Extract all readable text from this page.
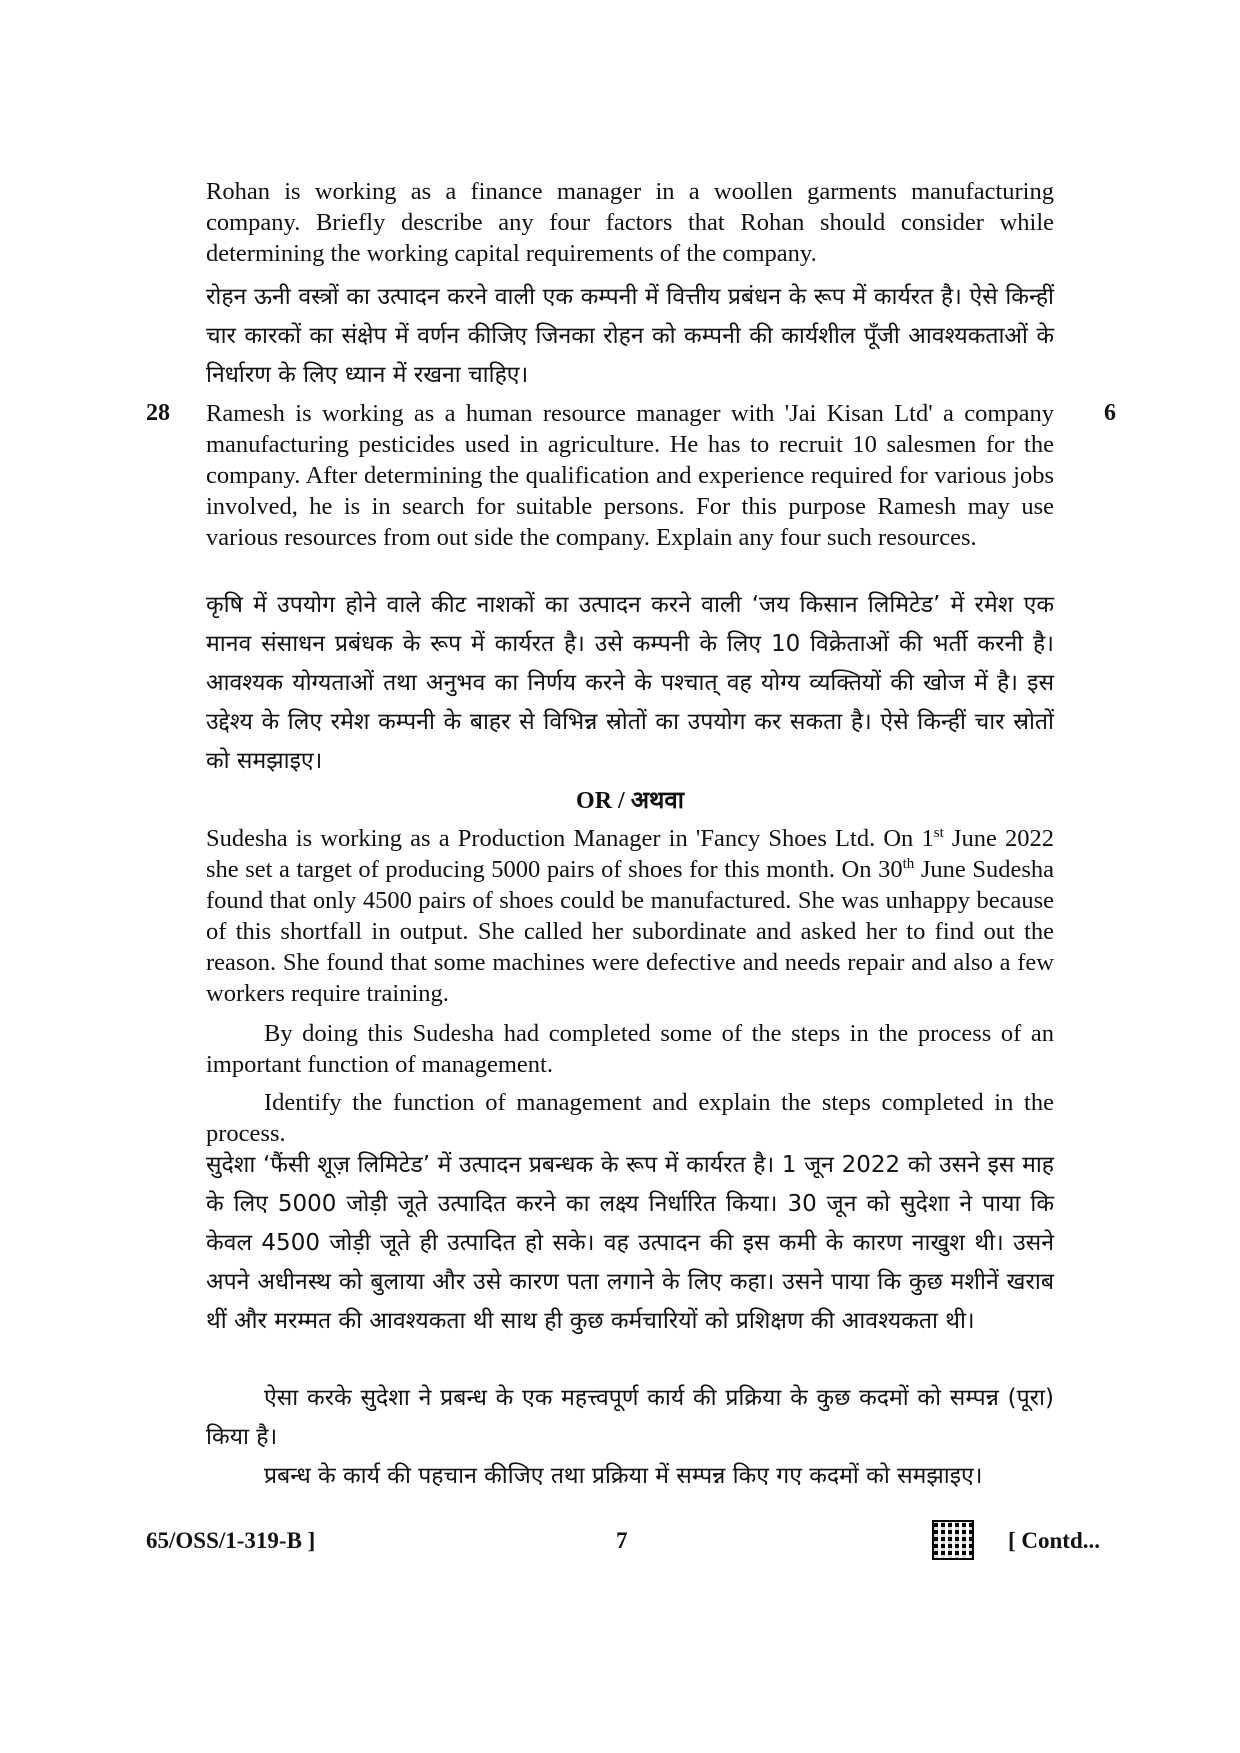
Rohan is working as a finance manager in a woollen garments manufacturing company. Briefly describe any four factors that Rohan should consider while determining the working capital requirements of the company.

रोहन ऊनी वस्त्रों का उत्पादन करने वाली एक कम्पनी में वित्तीय प्रबंधन के रूप में कार्यरत है। ऐसे किन्हीं चार कारकों का संक्षेप में वर्णन कीजिए जिनका रोहन को कम्पनी की कार्यशील पूँजी आवश्यकताओं के निर्धारण के लिए ध्यान में रखना चाहिए।

28	6

Ramesh is working as a human resource manager with 'Jai Kisan Ltd' a company manufacturing pesticides used in agriculture. He has to recruit 10 salesmen for the company. After determining the qualification and experience required for various jobs involved, he is in search for suitable persons. For this purpose Ramesh may use various resources from out side the company. Explain any four such resources.

कृषि में उपयोग होने वाले कीट नाशकों का उत्पादन करने वाली ‘जय किसान लिमिटेड’ में रमेश एक मानव संसाधन प्रबंधक के रूप में कार्यरत है। उसे कम्पनी के लिए 10 विक्रेताओं की भर्ती करनी है। आवश्यक योग्यताओं तथा अनुभव का निर्णय करने के पश्चात् वह योग्य व्यक्तियों की खोज में है। इस उद्देश्य के लिए रमेश कम्पनी के बाहर से विभिन्न स्रोतों का उपयोग कर सकता है। ऐसे किन्हीं चार स्रोतों को समझाइए।

OR / अथवा

Sudesha is working as a Production Manager in 'Fancy Shoes Ltd. On 1st June 2022 she set a target of producing 5000 pairs of shoes for this month. On 30th June Sudesha found that only 4500 pairs of shoes could be manufactured. She was unhappy because of this shortfall in output. She called her subordinate and asked her to find out the reason. She found that some machines were defective and needs repair and also a few workers require training.

By doing this Sudesha had completed some of the steps in the process of an important function of management.

Identify the function of management and explain the steps completed in the process.

सुदेशा ‘फैंसी शूज़ लिमिटेड’ में उत्पादन प्रबन्धक के रूप में कार्यरत है। 1 जून 2022 को उसने इस माह के लिए 5000 जोड़ी जूते उत्पादित करने का लक्ष्य निर्धारित किया। 30 जून को सुदेशा ने पाया कि केवल 4500 जोड़ी जूते ही उत्पादित हो सके। वह उत्पादन की इस कमी के कारण नाखुश थी। उसने अपने अधीनस्थ को बुलाया और उसे कारण पता लगाने के लिए कहा। उसने पाया कि कुछ मशीनें खराब थीं और मरम्मत की आवश्यकता थी साथ ही कुछ कर्मचारियों को प्रशिक्षण की आवश्यकता थी।

ऐसा करके सुदेशा ने प्रबन्ध के एक महत्त्वपूर्ण कार्य की प्रक्रिया के कुछ कदमों को सम्पन्न (पूरा) किया है।

प्रबन्ध के कार्य की पहचान कीजिए तथा प्रक्रिया में सम्पन्न किए गए कदमों को समझाइए।

65/OSS/1-319-B ]	7	[ Contd...
